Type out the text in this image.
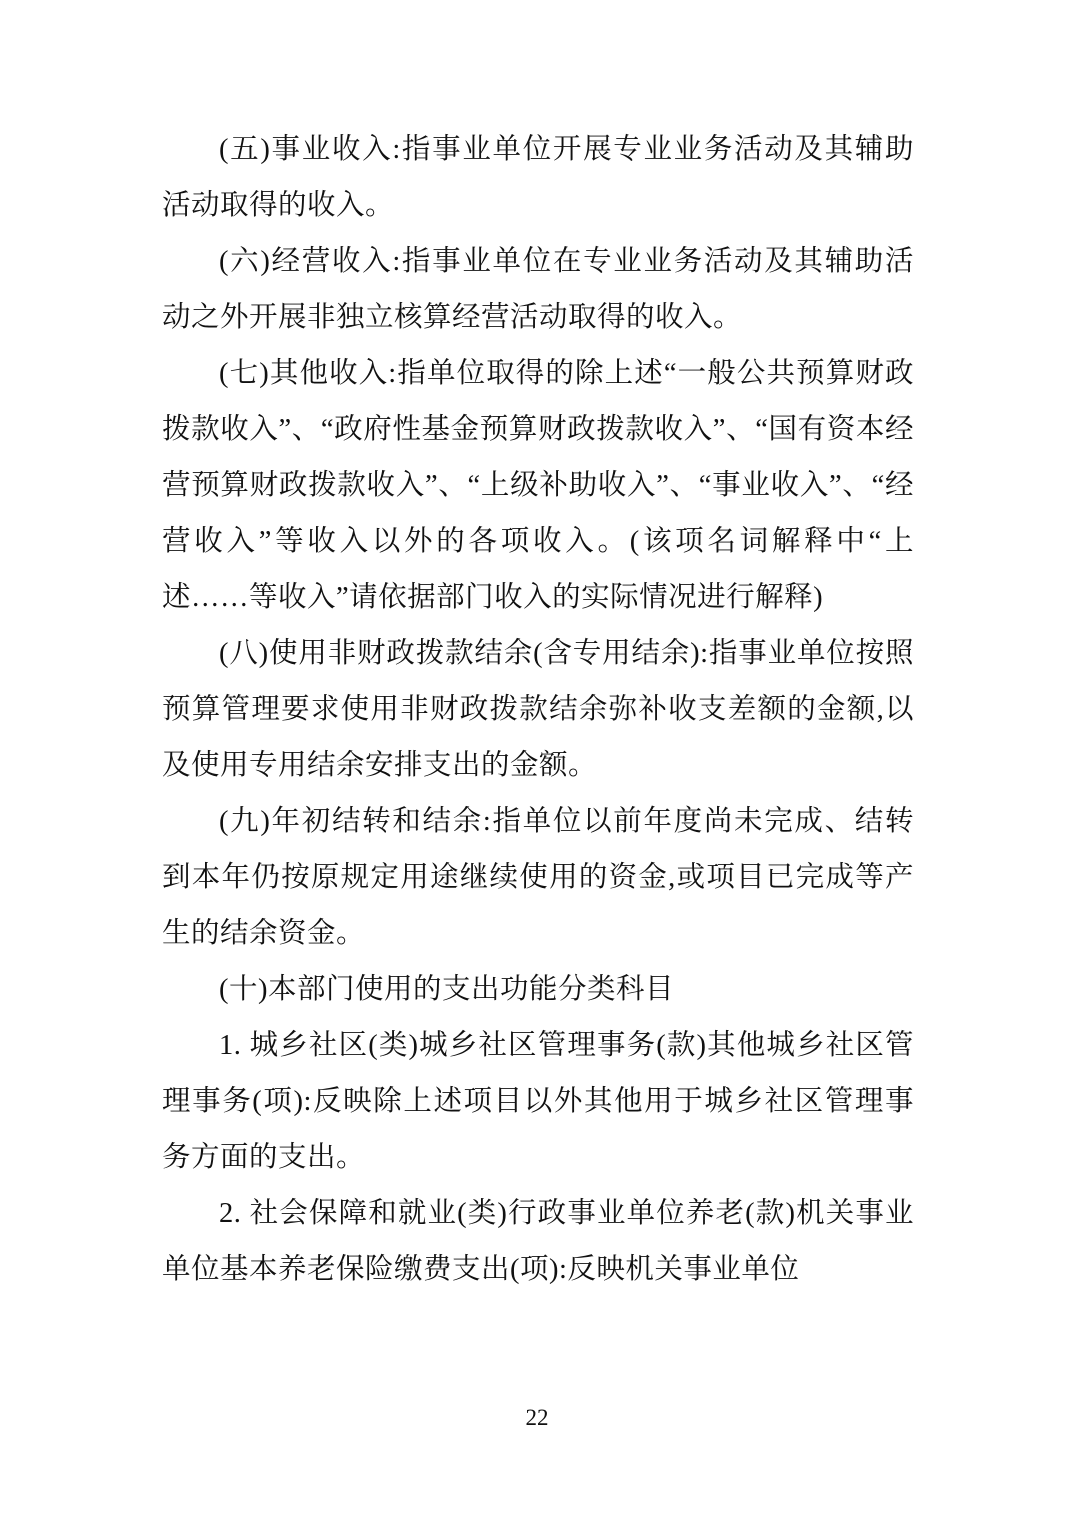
(五)事业收入:指事业单位开展专业业务活动及其辅助活动取得的收入。

(六)经营收入:指事业单位在专业业务活动及其辅助活动之外开展非独立核算经营活动取得的收入。

(七)其他收入:指单位取得的除上述“一般公共预算财政拨款收入”、“政府性基金预算财政拨款收入”、“国有资本经营预算财政拨款收入”、“上级补助收入”、“事业收入”、“经营收入”等收入以外的各项收入。(该项名词解释中“上述……等收入”请依据部门收入的实际情况进行解释)

(八)使用非财政拨款结余(含专用结余):指事业单位按照预算管理要求使用非财政拨款结余弥补收支差额的金额,以及使用专用结余安排支出的金额。

(九)年初结转和结余:指单位以前年度尚未完成、结转到本年仍按原规定用途继续使用的资金,或项目已完成等产生的结余资金。

(十)本部门使用的支出功能分类科目

1. 城乡社区(类)城乡社区管理事务(款)其他城乡社区管理事务(项):反映除上述项目以外其他用于城乡社区管理事务方面的支出。

2. 社会保障和就业(类)行政事业单位养老(款)机关事业单位基本养老保险缴费支出(项):反映机关事业单位

22
